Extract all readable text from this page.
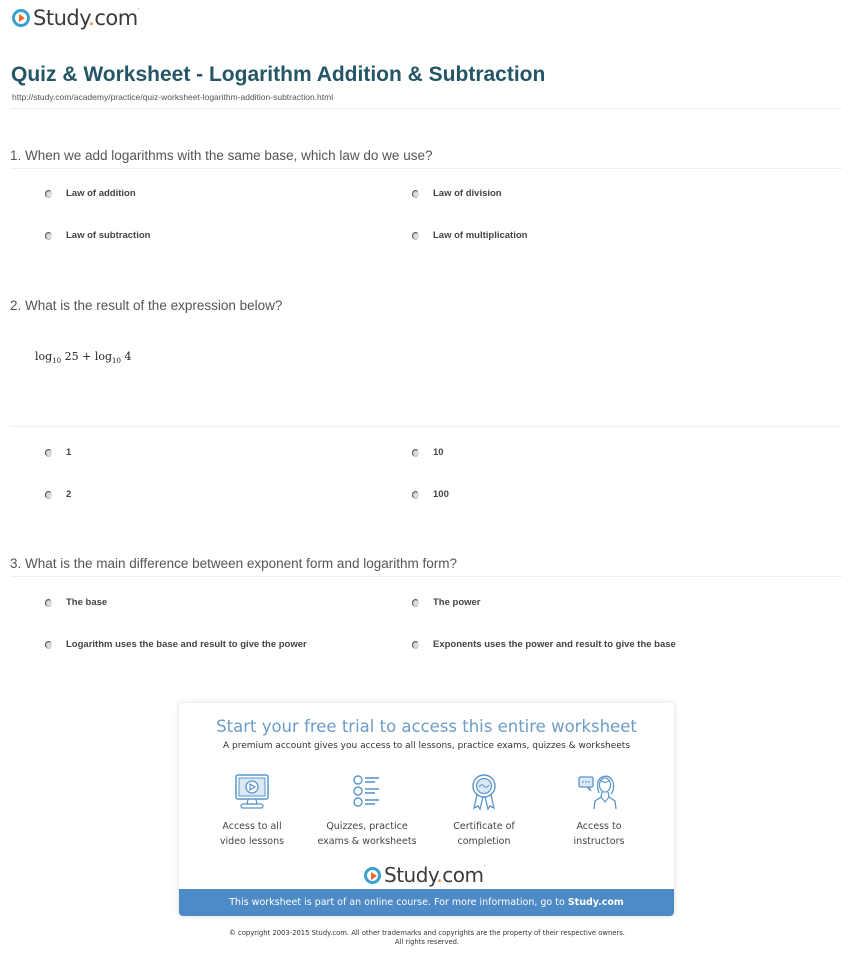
Study.com·
Quiz & Worksheet - Logarithm Addition & Subtraction
http://study.com/academy/practice/quiz-worksheet-logarithm-addition-subtraction.html
1. When we add logarithms with the same base, which law do we use?
Law of addition	Law of division
Law of subtraction	Law of multiplication
2. What is the result of the expression below?
$\log_{10} 25 + \log_{10} 4$
1	10
2	100
3. What is the main difference between exponent form and logarithm form?
The base	The power
Logarithm uses the base and result to give the power	Exponents uses the power and result to give the base
Start your free trial to access this entire worksheet
A premium account gives you access to all lessons, practice exams, quizzes & worksheets
Access to all
video lessons
Quizzes, practice
exams & worksheets
Certificate of
completion
Access to
instructors
Study.com·
This worksheet is part of an online course. For more information, go to Study.com
© copyright 2003-2015 Study.com. All other trademarks and copyrights are the property of their respective owners.
All rights reserved.
